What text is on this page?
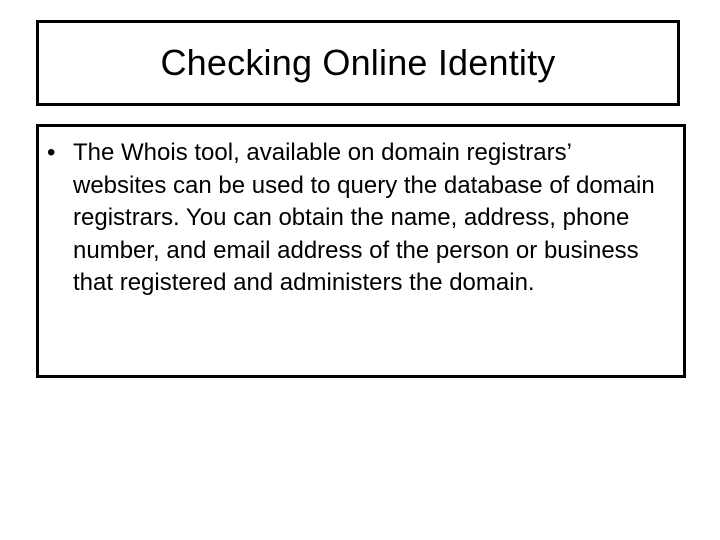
Checking Online Identity
• The Whois tool, available on domain registrars’ websites can be used to query the database of domain registrars. You can obtain the name, address, phone number, and email address of the person or business that registered and administers the domain.
